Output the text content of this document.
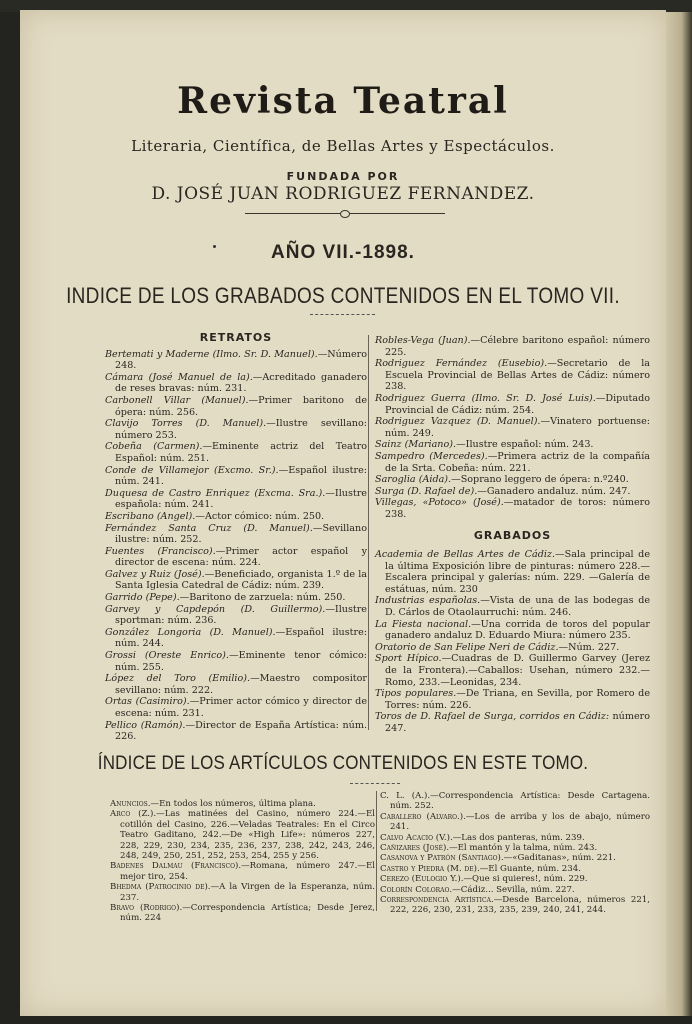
Revista Teatral
Literaria, Científica, de Bellas Artes y Espectáculos.
FUNDADA POR
D. JOSÉ JUAN RODRIGUEZ FERNANDEZ.
AÑO VII.-1898.
INDICE DE LOS GRABADOS CONTENIDOS EN EL TOMO VII.
RETRATOS

Bertemati y Maderne (Ilmo. Sr. D. Manuel).—Número 248.

Cámara (José Manuel de la).—Acreditado ganadero de reses bravas: núm. 231.

Carbonell Villar (Manuel).—Primer baritono de ópera: núm. 256.

Clavijo Torres (D. Manuel).—Ilustre sevillano: número 253.

Cobeña (Carmen).—Eminente actriz del Teatro Español: núm. 251.

Conde de Villamejor (Excmo. Sr.).—Español ilustre: núm. 241.

Duquesa de Castro Enriquez (Excma. Sra.).—Ilustre española: núm. 241.

Escribano (Angel).—Actor cómico: núm. 250.

Fernández Santa Cruz (D. Manuel).—Sevillano ilustre: núm. 252.

Fuentes (Francisco).—Primer actor español y director de escena: núm. 224.

Galvez y Ruiz (José).—Beneficiado, organista 1.º de la Santa Iglesia Catedral de Cádiz: núm. 239.

Garrido (Pepe).—Baritono de zarzuela: núm. 250.

Garvey y Capdepón (D. Guillermo).—Ilustre sportman: núm. 236.

González Longoria (D. Manuel).—Español ilustre: núm. 244.

Grossi (Oreste Enrico).—Eminente tenor cómico: núm. 255.

López del Toro (Emilio).—Maestro compositor sevillano: núm. 222.

Ortas (Casimiro).—Primer actor cómico y director de escena: núm. 231.

Pellico (Ramón).—Director de España Artística: núm. 226.

Robles-Vega (Juan).—Célebre baritono español: número 225.

Rodriguez Fernández (Eusebio).—Secretario de la Escuela Provincial de Bellas Artes de Cádiz: número 238.

Rodriguez Guerra (Ilmo. Sr. D. José Luis).—Diputado Provincial de Cádiz: núm. 254.

Rodriguez Vazquez (D. Manuel).—Vinatero portuense: núm. 249.

Sainz (Mariano).—Ilustre español: núm. 243.

Sampedro (Mercedes).—Primera actriz de la compañía de la Srta. Cobeña: núm. 221.

Saroglia (Aida).—Soprano leggero de ópera: n.º240.

Surga (D. Rafael de).—Ganadero andaluz. núm. 247.

Villegas, «Potoco» (José).—matador de toros: número 238.

GRABADOS

Academia de Bellas Artes de Cádiz.—Sala principal de la última Exposición libre de pinturas: número 228.—Escalera principal y galerías: núm. 229. —Galería de estátuas, núm. 230

Industrias españolas.—Vista de una de las bodegas de D. Cárlos de Otaolaurruchi: núm. 246.

La Fiesta nacional.—Una corrida de toros del popular ganadero andaluz D. Eduardo Miura: número 235.

Oratorio de San Felipe Neri de Cádiz.—Núm. 227.

Sport Hípico.—Cuadras de D. Guillermo Garvey (Jerez de la Frontera).—Caballos: Usehan, número 232.—Romo, 233.—Leonidas, 234.

Tipos populares.—De Triana, en Sevilla, por Romero de Torres: núm. 226.

Toros de D. Rafael de Surga, corridos en Cádiz: número 247.

ÍNDICE DE LOS ARTÍCULOS CONTENIDOS EN ESTE TOMO.

Anuncios.—En todos los números, última plana.

Arco (Z.).—Las matinées del Casino, número 224.—El cotillón del Casino, 226.—Veladas Teatrales: En el Circo Teatro Gaditano, 242.—De «High Life»: números 227, 228, 229, 230, 234, 235, 236, 237, 238, 242, 243, 246, 248, 249, 250, 251, 252, 253, 254, 255 y 256.

Badenes Dalmau (Francisco).—Romana, número 247.—El mejor tiro, 254.

Bhedma (Patrocinio de).—A la Virgen de la Esperanza, núm. 237.

Bravo (Rodrigo).—Correspondencia Artística; Desde Jerez, núm. 224

C. L. (A.).—Correspondencia Artística: Desde Cartagena. núm. 252.

Caballero (Alvaro.).—Los de arriba y los de abajo, número 241.

Calvo Acacio (V.).—Las dos panteras, núm. 239.

Cañizares (José).—El mantón y la talma, núm. 243.

Casanova y Patrón (Santiago).—«Gaditanas», núm. 221.

Castro y Piedra (M. de).—El Guante, núm. 234.

Cerezo (Eulogio Y.).—Que si quieres!, núm. 229.

Colorín Colorao.—Cádiz... Sevilla, núm. 227.

Correspondencia Artística.—Desde Barcelona, números 221, 222, 226, 230, 231, 233, 235, 239, 240, 241, 244.
